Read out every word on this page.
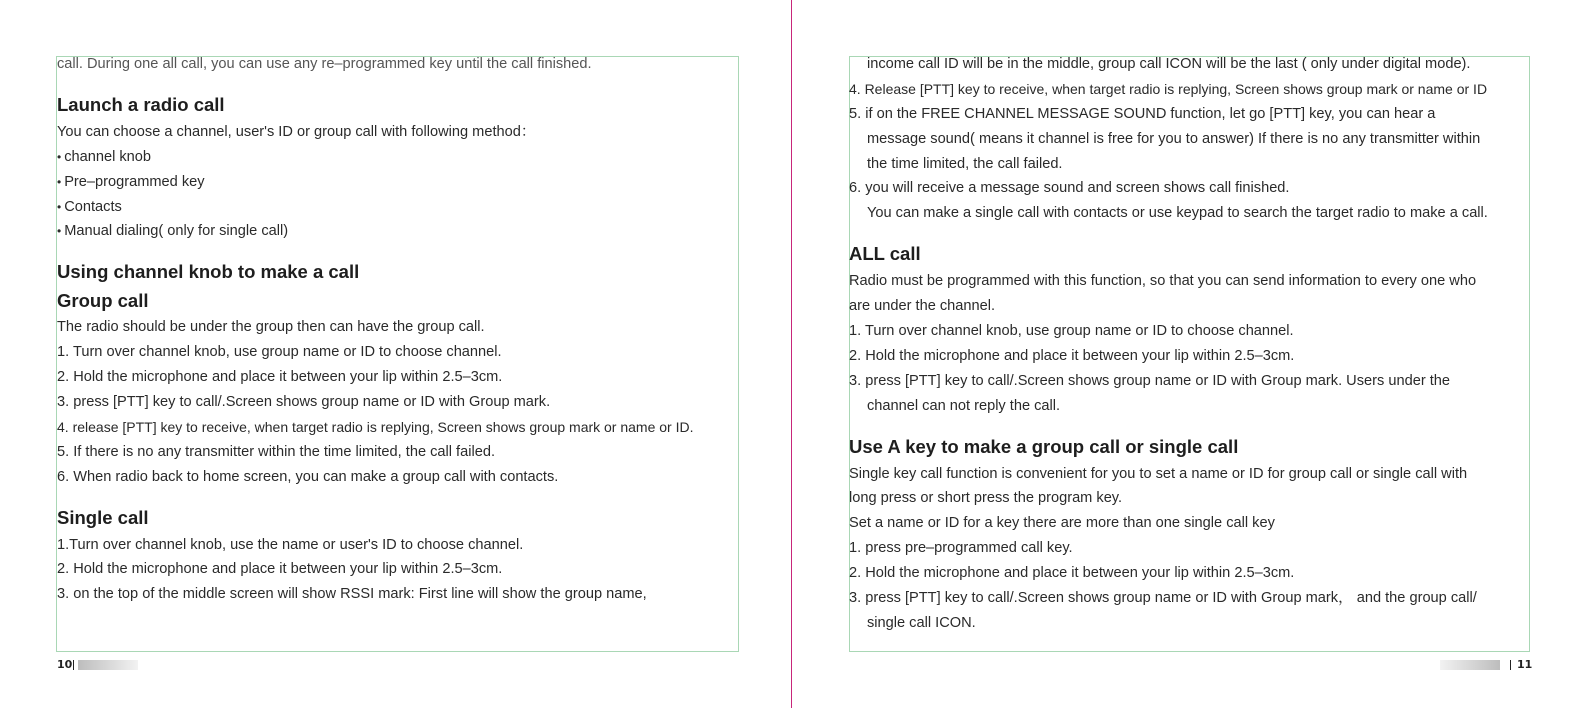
call. During one all call, you can use any re–programmed key until the call finished.
Launch a radio call
You can choose a channel, user's ID or group call with following method：
• channel knob
• Pre–programmed key
• Contacts
• Manual dialing( only for single call)
Using channel knob to make a call
Group call
The radio should be under the group then can have the group call.
1. Turn over channel knob, use group name or ID to choose channel.
2. Hold the microphone and place it between your lip within 2.5–3cm.
3. press [PTT] key to call/.Screen shows group name or ID with Group mark.
4. release [PTT] key to receive, when target radio is replying, Screen shows group mark or name or ID.
5. If there is no any transmitter within the time limited, the call failed.
6. When radio back to home screen, you can make a group call with contacts.
Single call
1.Turn over channel knob, use the name or user's ID to choose channel.
2. Hold the microphone and place it between your lip within 2.5–3cm.
3. on the top of the middle screen will show RSSI mark: First line will show the group name,
income call ID will be in the middle, group call ICON will be the last ( only under digital mode).
4. Release [PTT] key to receive, when target radio is replying, Screen shows group mark or name or ID
5. if on the FREE CHANNEL MESSAGE SOUND function, let go [PTT] key, you can hear a
message sound( means it channel is free for you to answer) If there is no any transmitter within
the time limited, the call failed.
6. you will receive a message sound and screen shows call finished.
You can make a single call with contacts or use keypad to search the target radio to make a call.
ALL call
Radio must be programmed with this function, so that you can send information to every one who
are under the channel.
1. Turn over channel knob, use group name or ID to choose channel.
2. Hold the microphone and place it between your lip within 2.5–3cm.
3. press [PTT] key to call/.Screen shows group name or ID with Group mark. Users under the
channel can not reply the call.
Use A key to make a group call or single call
Single key call function is convenient for you to set a name or ID for group call or single call with
long press or short press the program key.
Set a name or ID for a key there are more than one single call key
1. press pre–programmed call key.
2. Hold the microphone and place it between your lip within 2.5–3cm.
3. press [PTT] key to call/.Screen shows group name or ID with Group mark， and the group call/
single call ICON.
10	11
